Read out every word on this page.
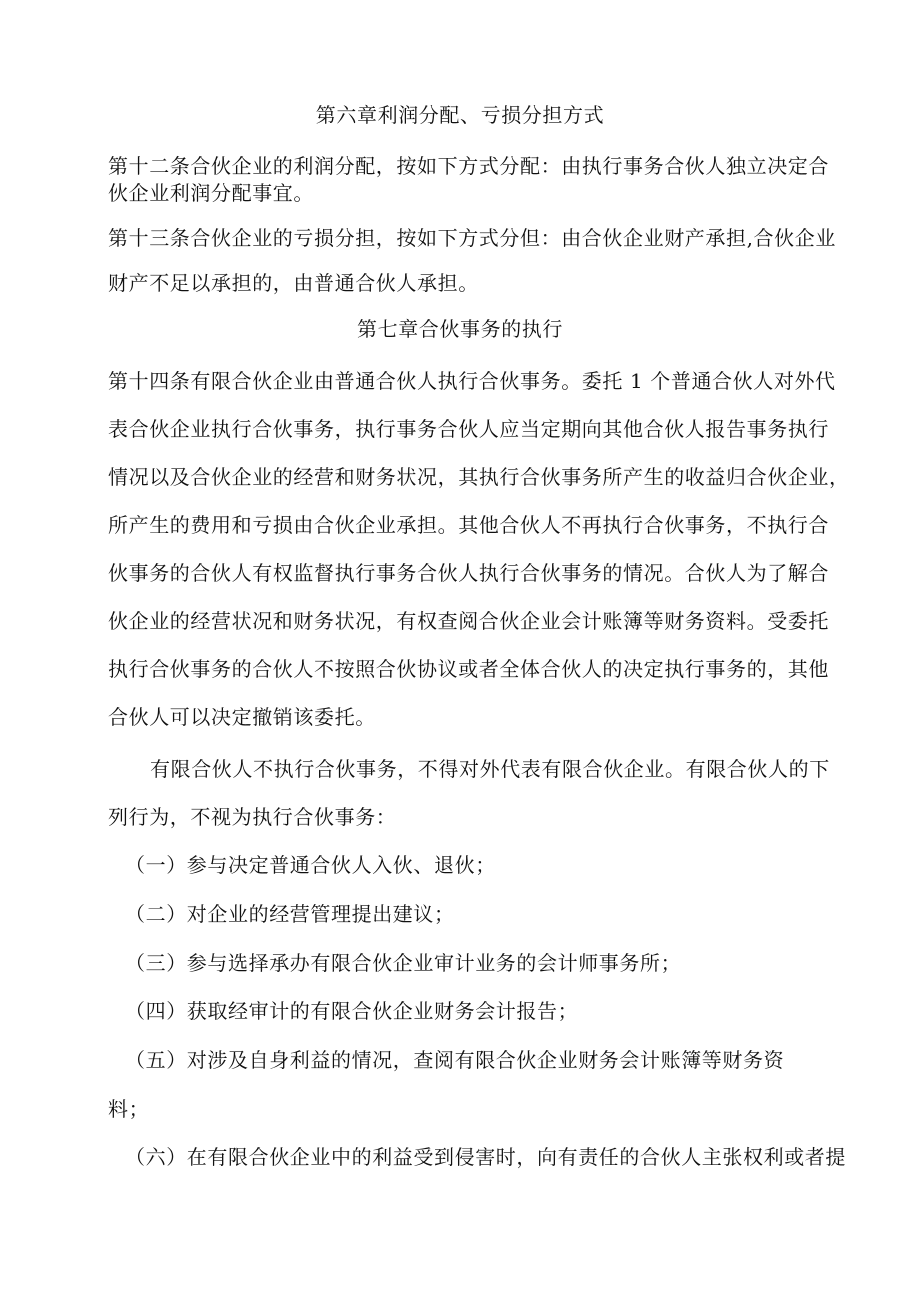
第六章利润分配、亏损分担方式
第十二条合伙企业的利润分配，按如下方式分配：由执行事务合伙人独立决定合
伙企业利润分配事宜。
第十三条合伙企业的亏损分担，按如下方式分但：由合伙企业财产承担,合伙企业
财产不足以承担的，由普通合伙人承担。
第七章合伙事务的执行
第十四条有限合伙企业由普通合伙人执行合伙事务。委托 1 个普通合伙人对外代
表合伙企业执行合伙事务，执行事务合伙人应当定期向其他合伙人报告事务执行
情况以及合伙企业的经营和财务状况，其执行合伙事务所产生的收益归合伙企业，
所产生的费用和亏损由合伙企业承担。其他合伙人不再执行合伙事务，不执行合
伙事务的合伙人有权监督执行事务合伙人执行合伙事务的情况。合伙人为了解合
伙企业的经营状况和财务状况，有权查阅合伙企业会计账簿等财务资料。受委托
执行合伙事务的合伙人不按照合伙协议或者全体合伙人的决定执行事务的，其他
合伙人可以决定撤销该委托。
有限合伙人不执行合伙事务，不得对外代表有限合伙企业。有限合伙人的下
列行为，不视为执行合伙事务：
（一）参与决定普通合伙人入伙、退伙；
（二）对企业的经营管理提出建议；
（三）参与选择承办有限合伙企业审计业务的会计师事务所；
（四）获取经审计的有限合伙企业财务会计报告；
（五）对涉及自身利益的情况，查阅有限合伙企业财务会计账簿等财务资
料；
（六）在有限合伙企业中的利益受到侵害时，向有责任的合伙人主张权利或者提
